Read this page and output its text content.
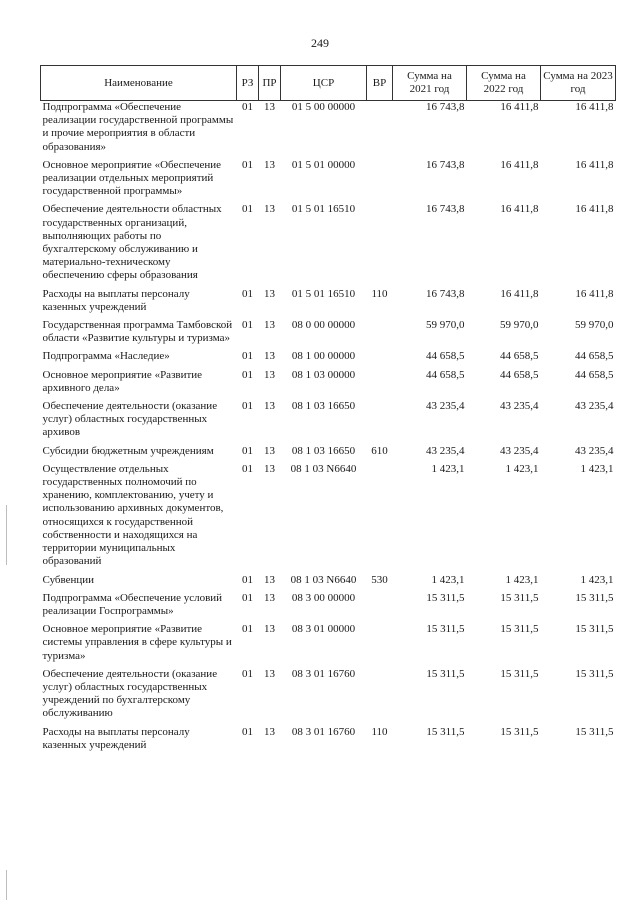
249
Наименование	РЗ	ПР	ЦСР	ВР	Сумма на 2021 год	Сумма на 2022 год	Сумма на 2023 год
Подпрограмма «Обеспечение реализации государственной программы и прочие мероприятия в области образования»	01	13	01 5 00 00000		16 743,8	16 411,8	16 411,8
Основное мероприятие «Обеспечение реализации отдельных мероприятий государственной программы»	01	13	01 5 01 00000		16 743,8	16 411,8	16 411,8
Обеспечение деятельности областных государственных организаций, выполняющих работы по бухгалтерскому обслуживанию и материально-техническому обеспечению сферы образования	01	13	01 5 01 16510		16 743,8	16 411,8	16 411,8
Расходы на выплаты персоналу казенных учреждений	01	13	01 5 01 16510	110	16 743,8	16 411,8	16 411,8
Государственная программа Тамбовской области «Развитие культуры и туризма»	01	13	08 0 00 00000		59 970,0	59 970,0	59 970,0
Подпрограмма «Наследие»	01	13	08 1 00 00000		44 658,5	44 658,5	44 658,5
Основное мероприятие «Развитие архивного дела»	01	13	08 1 03 00000		44 658,5	44 658,5	44 658,5
Обеспечение деятельности (оказание услуг) областных государственных архивов	01	13	08 1 03 16650		43 235,4	43 235,4	43 235,4
Субсидии бюджетным учреждениям	01	13	08 1 03 16650	610	43 235,4	43 235,4	43 235,4
Осуществление отдельных государственных полномочий по хранению, комплектованию, учету и использованию архивных документов, относящихся к государственной собственности и находящихся на территории муниципальных образований	01	13	08 1 03 N6640		1 423,1	1 423,1	1 423,1
Субвенции	01	13	08 1 03 N6640	530	1 423,1	1 423,1	1 423,1
Подпрограмма «Обеспечение условий реализации Госпрограммы»	01	13	08 3 00 00000		15 311,5	15 311,5	15 311,5
Основное мероприятие «Развитие системы управления в сфере культуры и туризма»	01	13	08 3 01 00000		15 311,5	15 311,5	15 311,5
Обеспечение деятельности (оказание услуг) областных государственных учреждений по бухгалтерскому обслуживанию	01	13	08 3 01 16760		15 311,5	15 311,5	15 311,5
Расходы на выплаты персоналу казенных учреждений	01	13	08 3 01 16760	110	15 311,5	15 311,5	15 311,5
